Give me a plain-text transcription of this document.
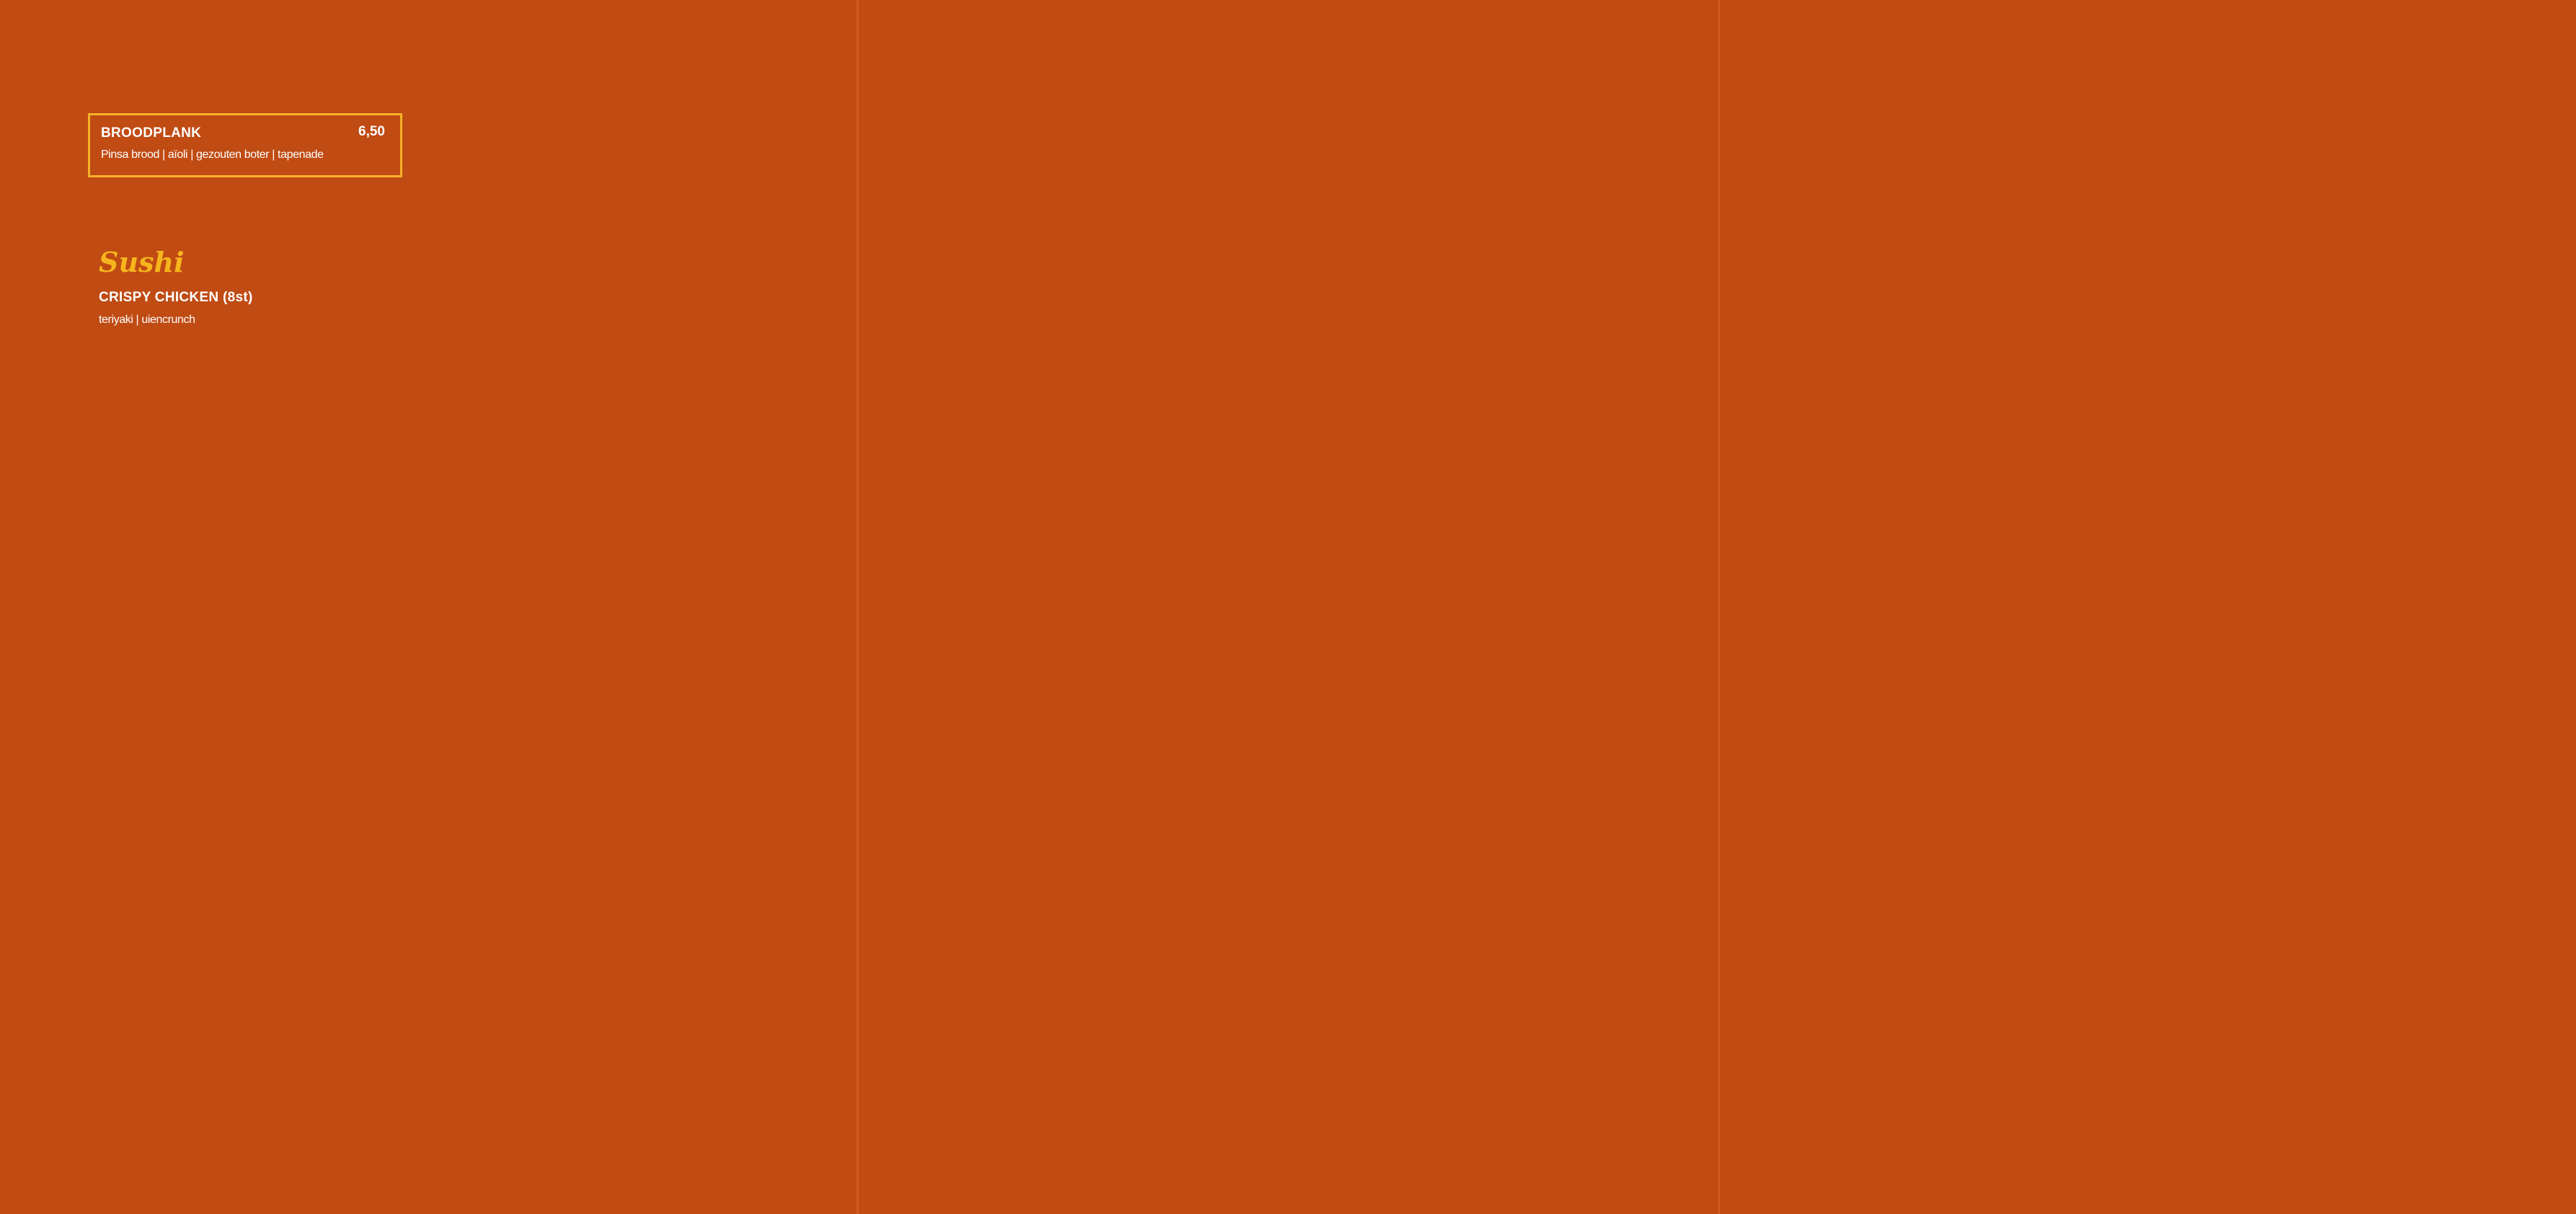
BROODPLANK	6,50
Pinsa brood | aïoli | gezouten boter | tapenade
Sushi
CRISPY CHICKEN (8st)
teriyaki | uiencrunch
